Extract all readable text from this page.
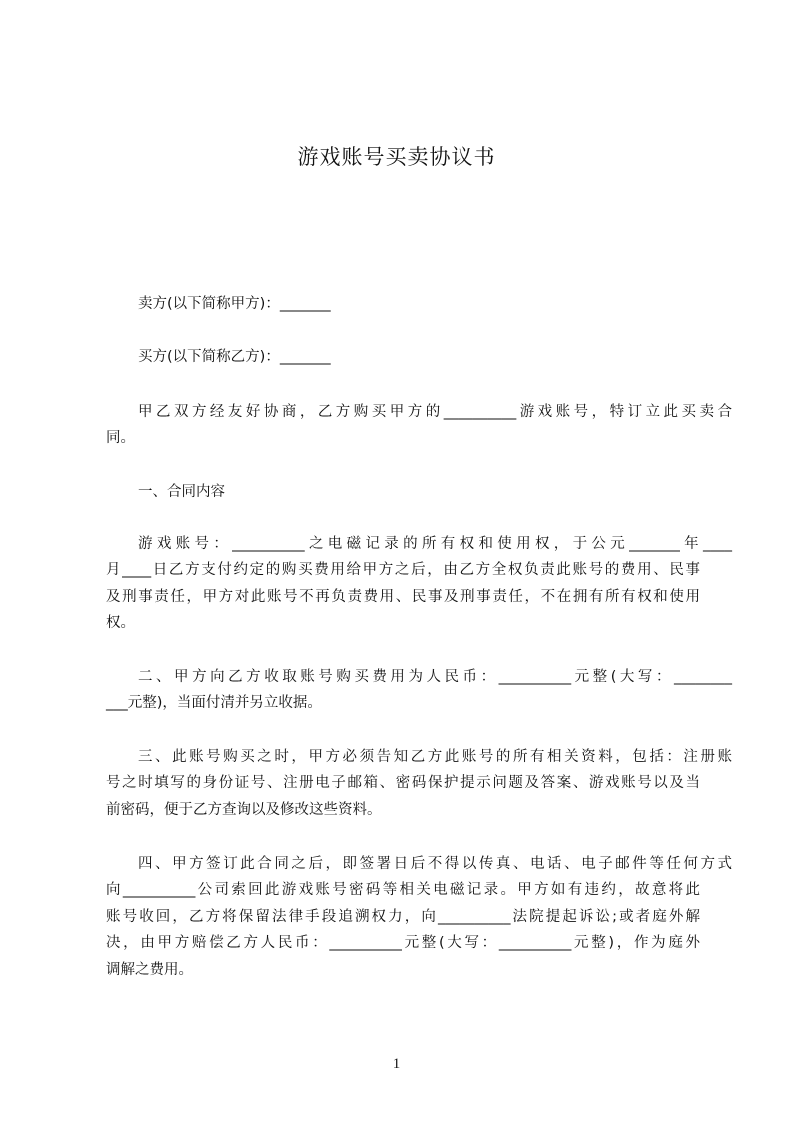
游戏账号买卖协议书
卖方(以下简称甲方)：_______
买方(以下简称乙方)：_______
甲乙双方经友好协商，乙方购买甲方的__________游戏账号，特订立此买卖合
同。
一、合同内容
游戏账号：__________之电磁记录的所有权和使用权，于公元_______年____
月____日乙方支付约定的购买费用给甲方之后，由乙方全权负责此账号的费用、民事
及刑事责任，甲方对此账号不再负责费用、民事及刑事责任，不在拥有所有权和使用
权。
二、甲方向乙方收取账号购买费用为人民币：__________元整(大写：________
___元整)，当面付清并另立收据。
三、此账号购买之时，甲方必须告知乙方此账号的所有相关资料，包括：注册账
号之时填写的身份证号、注册电子邮箱、密码保护提示问题及答案、游戏账号以及当
前密码，便于乙方查询以及修改这些资料。
四、甲方签订此合同之后，即签署日后不得以传真、电话、电子邮件等任何方式
向__________公司索回此游戏账号密码等相关电磁记录。甲方如有违约，故意将此
账号收回，乙方将保留法律手段追溯权力，向__________法院提起诉讼;或者庭外解
决，由甲方赔偿乙方人民币：__________元整(大写：__________元整)，作为庭外
调解之费用。
1
